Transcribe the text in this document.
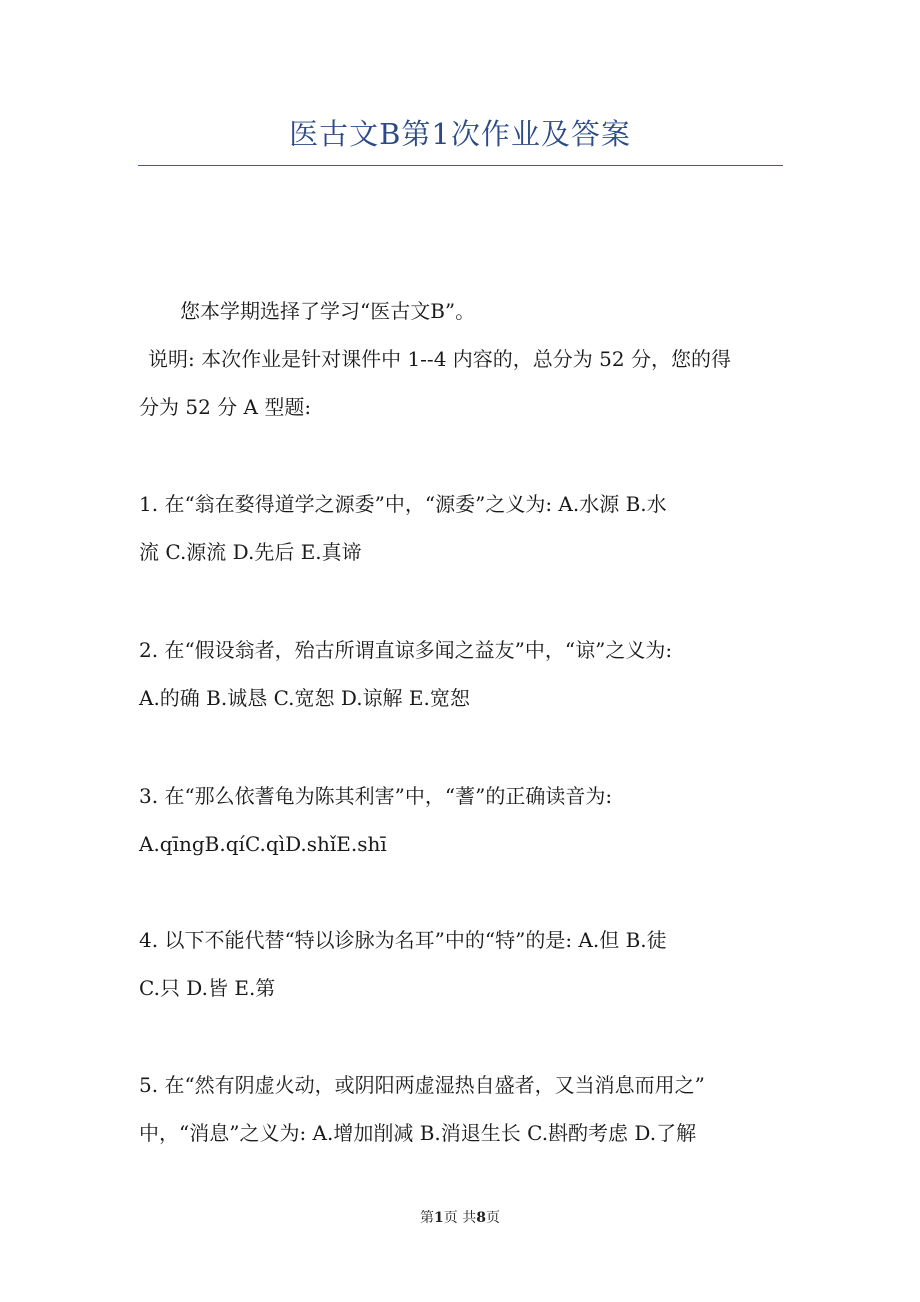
医古文B第1次作业及答案

您本学期选择了学习“医古文B”。

说明: 本次作业是针对课件中 1--4 内容的，总分为 52 分，您的得

分为 52 分 A 型题:

1. 在“翁在婺得道学之源委”中，“源委”之义为: A.水源 B.水

流 C.源流 D.先后 E.真谛

2. 在“假设翁者，殆古所谓直谅多闻之益友”中，“谅”之义为:

A.的确 B.诚恳 C.宽恕 D.谅解 E.宽恕

3. 在“那么依蓍龟为陈其利害”中，“蓍”的正确读音为:

A.qīngB.qíC.qìD.shǐE.shī

4. 以下不能代替“特以诊脉为名耳”中的“特”的是: A.但 B.徒

C.只 D.皆 E.第

5. 在“然有阴虚火动，或阴阳两虚湿热自盛者，又当消息而用之”

中，“消息”之义为: A.增加削减 B.消退生长 C.斟酌考虑 D.了解

第1页 共8页
